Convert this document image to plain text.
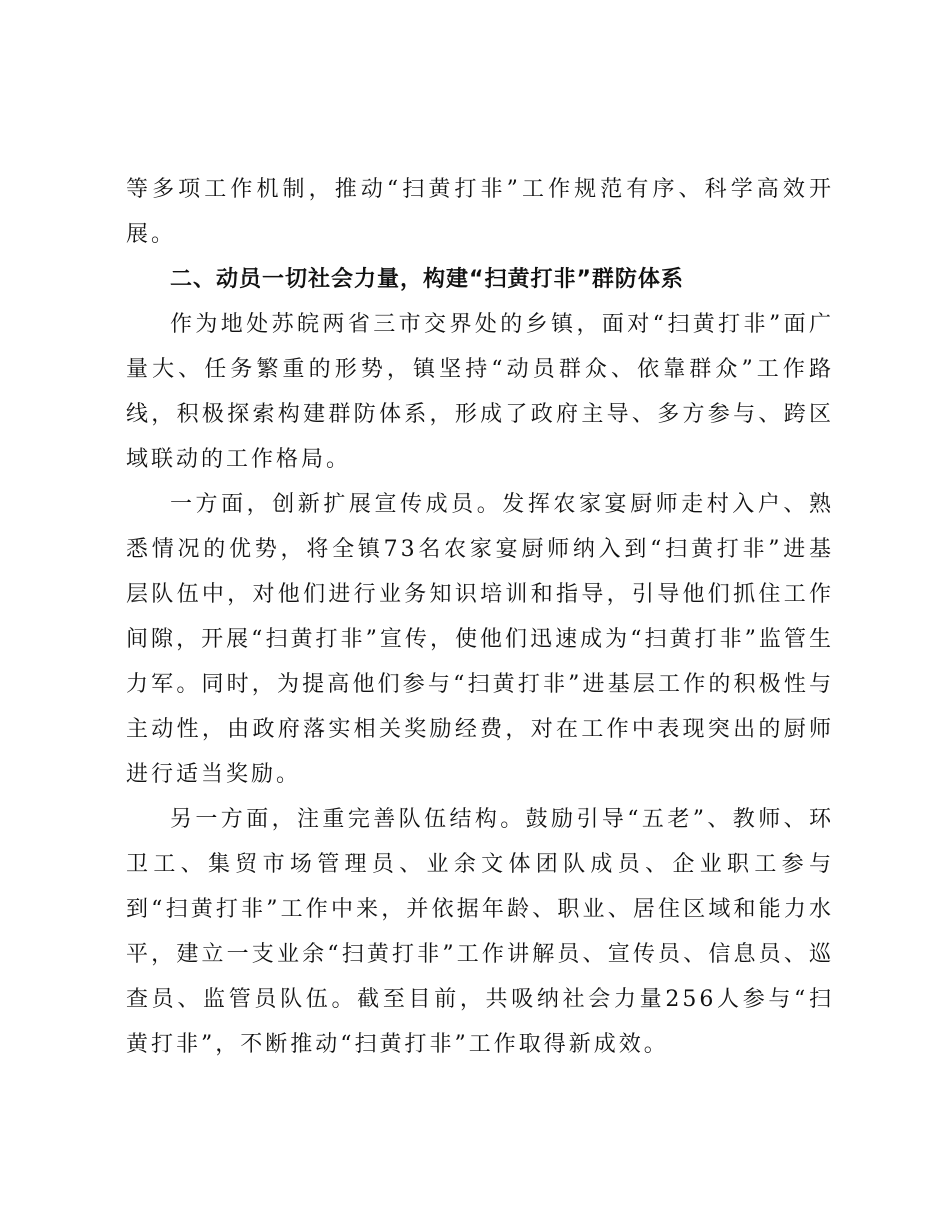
等多项工作机制，推动“扫黄打非”工作规范有序、科学高效开展。

二、动员一切社会力量，构建“扫黄打非”群防体系

作为地处苏皖两省三市交界处的乡镇，面对“扫黄打非”面广量大、任务繁重的形势，镇坚持“动员群众、依靠群众”工作路线，积极探索构建群防体系，形成了政府主导、多方参与、跨区域联动的工作格局。

一方面，创新扩展宣传成员。发挥农家宴厨师走村入户、熟悉情况的优势，将全镇73名农家宴厨师纳入到“扫黄打非”进基层队伍中，对他们进行业务知识培训和指导，引导他们抓住工作间隙，开展“扫黄打非”宣传，使他们迅速成为“扫黄打非”监管生力军。同时，为提高他们参与“扫黄打非”进基层工作的积极性与主动性，由政府落实相关奖励经费，对在工作中表现突出的厨师进行适当奖励。

另一方面，注重完善队伍结构。鼓励引导“五老”、教师、环卫工、集贸市场管理员、业余文体团队成员、企业职工参与到“扫黄打非”工作中来，并依据年龄、职业、居住区域和能力水平，建立一支业余“扫黄打非”工作讲解员、宣传员、信息员、巡查员、监管员队伍。截至目前，共吸纳社会力量256人参与“扫黄打非”，不断推动“扫黄打非”工作取得新成效。
